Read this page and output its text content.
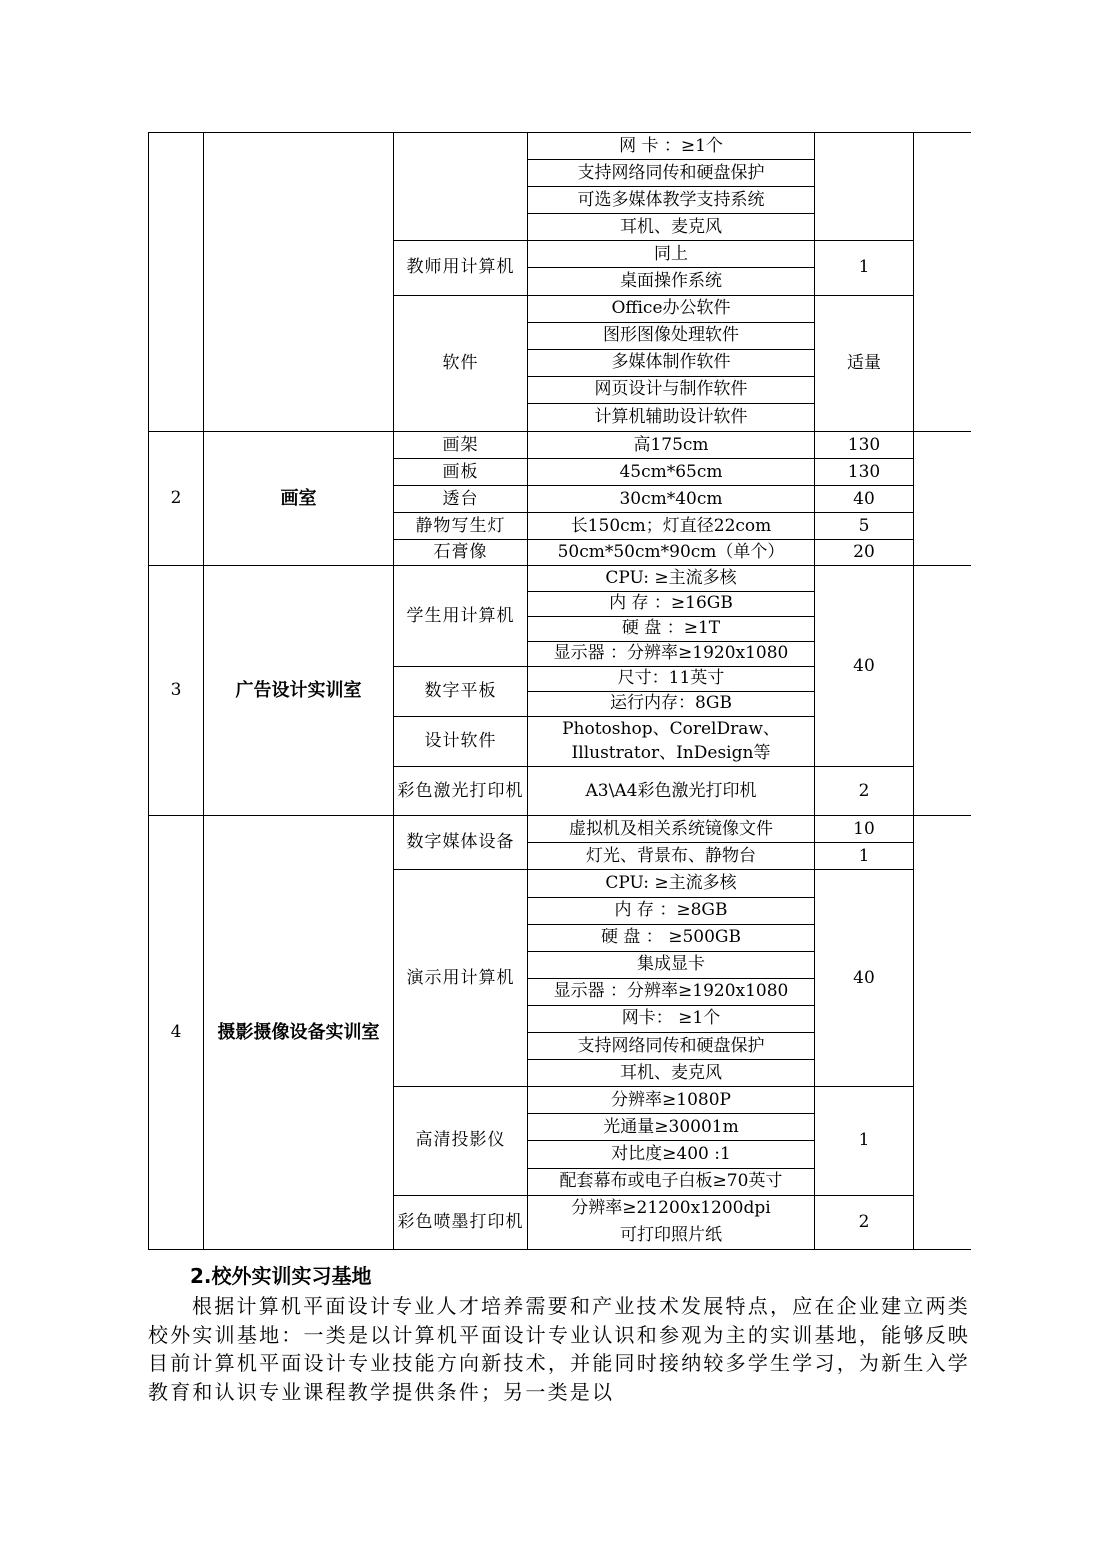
			网 卡 ：≥1个		
			支持网络同传和硬盘保护		
			可选多媒体教学支持系统		
			耳机、麦克风		
		教师用计算机	同上	1	
			桌面操作系统		
		软件	Office办公软件	适量	
			图形图像处理软件		
			多媒体制作软件		
			网页设计与制作软件		
			计算机辅助设计软件		
2	画室	画架	高175cm	130	
		画板	45cm*65cm	130	
		透台	30cm*40cm	40	
		静物写生灯	长150cm；灯直径22com	5	
		石膏像	50cm*50cm*90cm（单个）	20	
3	广告设计实训室	学生用计算机	CPU: ≥主流多核	40	
			内 存 ：≥16GB		
			硬 盘 ：≥1T		
			显示器 ：分辨率≥1920x1080		
		数字平板	尺寸：11英寸		
			运行内存：8GB		
		设计软件	Photoshop、CorelDraw、		
			Illustrator、InDesign等		
		彩色激光打印机	A3\A4彩色激光打印机	2	
4	摄影摄像设备实训室	数字媒体设备	虚拟机及相关系统镜像文件	10	
			灯光、背景布、静物台	1	
		演示用计算机	CPU: ≥主流多核	40	
			内 存 ：≥8GB		
			硬 盘 ： ≥500GB		
			集成显卡		
			显示器 ：分辨率≥1920x1080		
			网卡： ≥1个		
			支持网络同传和硬盘保护		
			耳机、麦克风		
		高清投影仪	分辨率≥1080P	1	
			光通量≥30001m		
			对比度≥400 :1		
			配套幕布或电子白板≥70英寸		
		彩色喷墨打印机	分辨率≥21200x1200dpi	2	
			可打印照片纸		
2.校外实训实习基地
根据计算机平面设计专业人才培养需要和产业技术发展特点，应在企业建立两类校外实训基地：一类是以计算机平面设计专业认识和参观为主的实训基地，能够反映目前计算机平面设计专业技能方向新技术，并能同时接纳较多学生学习，为新生入学教育和认识专业课程教学提供条件；另一类是以
